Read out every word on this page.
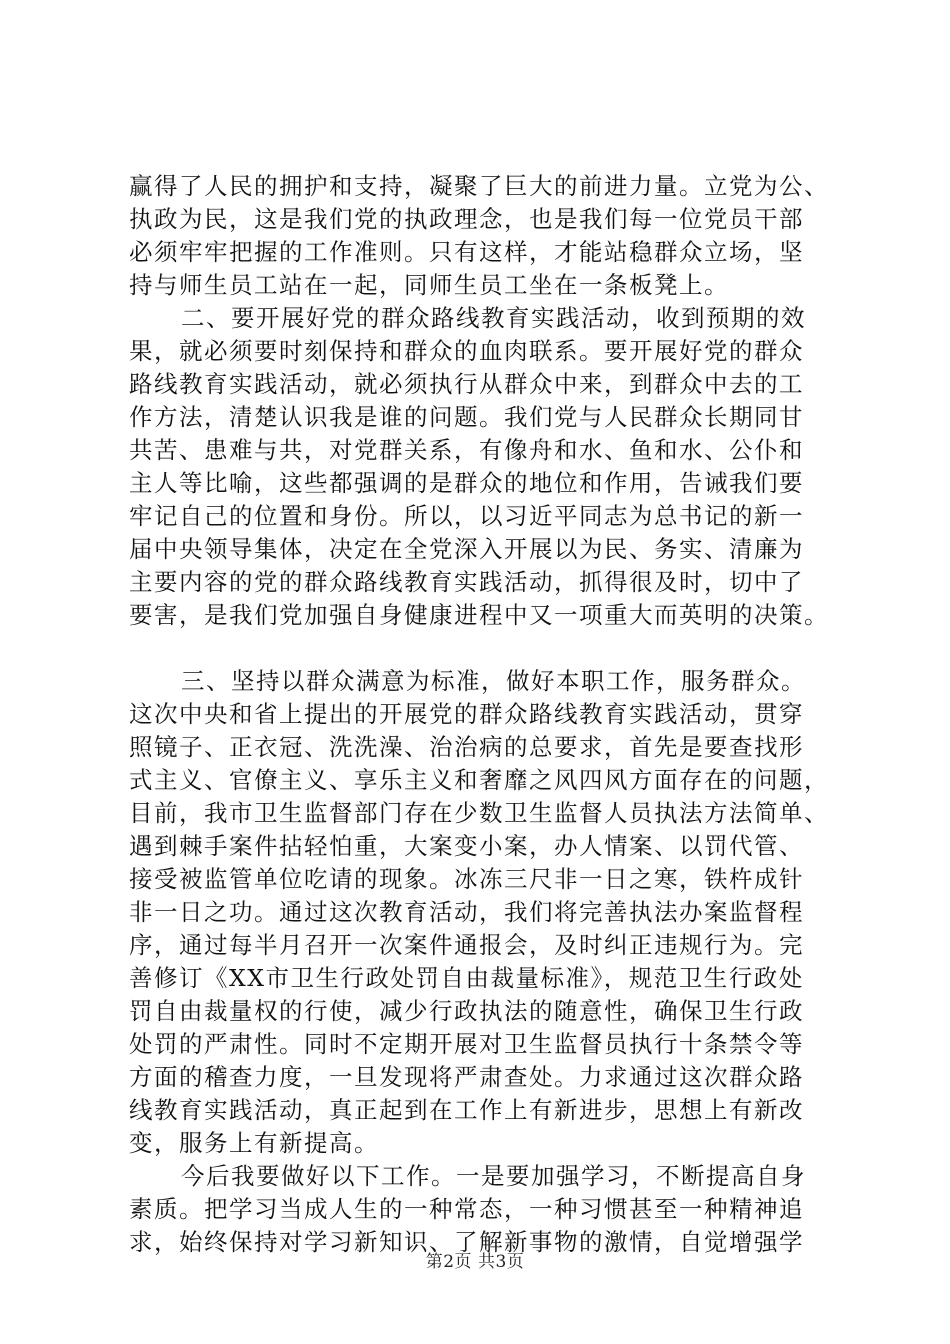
赢得了人民的拥护和支持，凝聚了巨大的前进力量。立党为公、
执政为民，这是我们党的执政理念，也是我们每一位党员干部
必须牢牢把握的工作准则。只有这样，才能站稳群众立场，坚
持与师生员工站在一起，同师生员工坐在一条板凳上。
二、要开展好党的群众路线教育实践活动，收到预期的效
果，就必须要时刻保持和群众的血肉联系。要开展好党的群众
路线教育实践活动，就必须执行从群众中来，到群众中去的工
作方法，清楚认识我是谁的问题。我们党与人民群众长期同甘
共苦、患难与共，对党群关系，有像舟和水、鱼和水、公仆和
主人等比喻，这些都强调的是群众的地位和作用，告诫我们要
牢记自己的位置和身份。所以，以习近平同志为总书记的新一
届中央领导集体，决定在全党深入开展以为民、务实、清廉为
主要内容的党的群众路线教育实践活动，抓得很及时，切中了
要害，是我们党加强自身健康进程中又一项重大而英明的决策。
三、坚持以群众满意为标准，做好本职工作，服务群众。
这次中央和省上提出的开展党的群众路线教育实践活动，贯穿
照镜子、正衣冠、洗洗澡、治治病的总要求，首先是要查找形
式主义、官僚主义、享乐主义和奢靡之风四风方面存在的问题，
目前，我市卫生监督部门存在少数卫生监督人员执法方法简单、
遇到棘手案件拈轻怕重，大案变小案，办人情案、以罚代管、
接受被监管单位吃请的现象。冰冻三尺非一日之寒，铁杵成针
非一日之功。通过这次教育活动，我们将完善执法办案监督程
序，通过每半月召开一次案件通报会，及时纠正违规行为。完
善修订《XX市卫生行政处罚自由裁量标准》，规范卫生行政处
罚自由裁量权的行使，减少行政执法的随意性，确保卫生行政
处罚的严肃性。同时不定期开展对卫生监督员执行十条禁令等
方面的稽查力度，一旦发现将严肃查处。力求通过这次群众路
线教育实践活动，真正起到在工作上有新进步，思想上有新改
变，服务上有新提高。
今后我要做好以下工作。一是要加强学习，不断提高自身
素质。把学习当成人生的一种常态，一种习惯甚至一种精神追
求，始终保持对学习新知识、了解新事物的激情，自觉增强学
第2页 共3页
